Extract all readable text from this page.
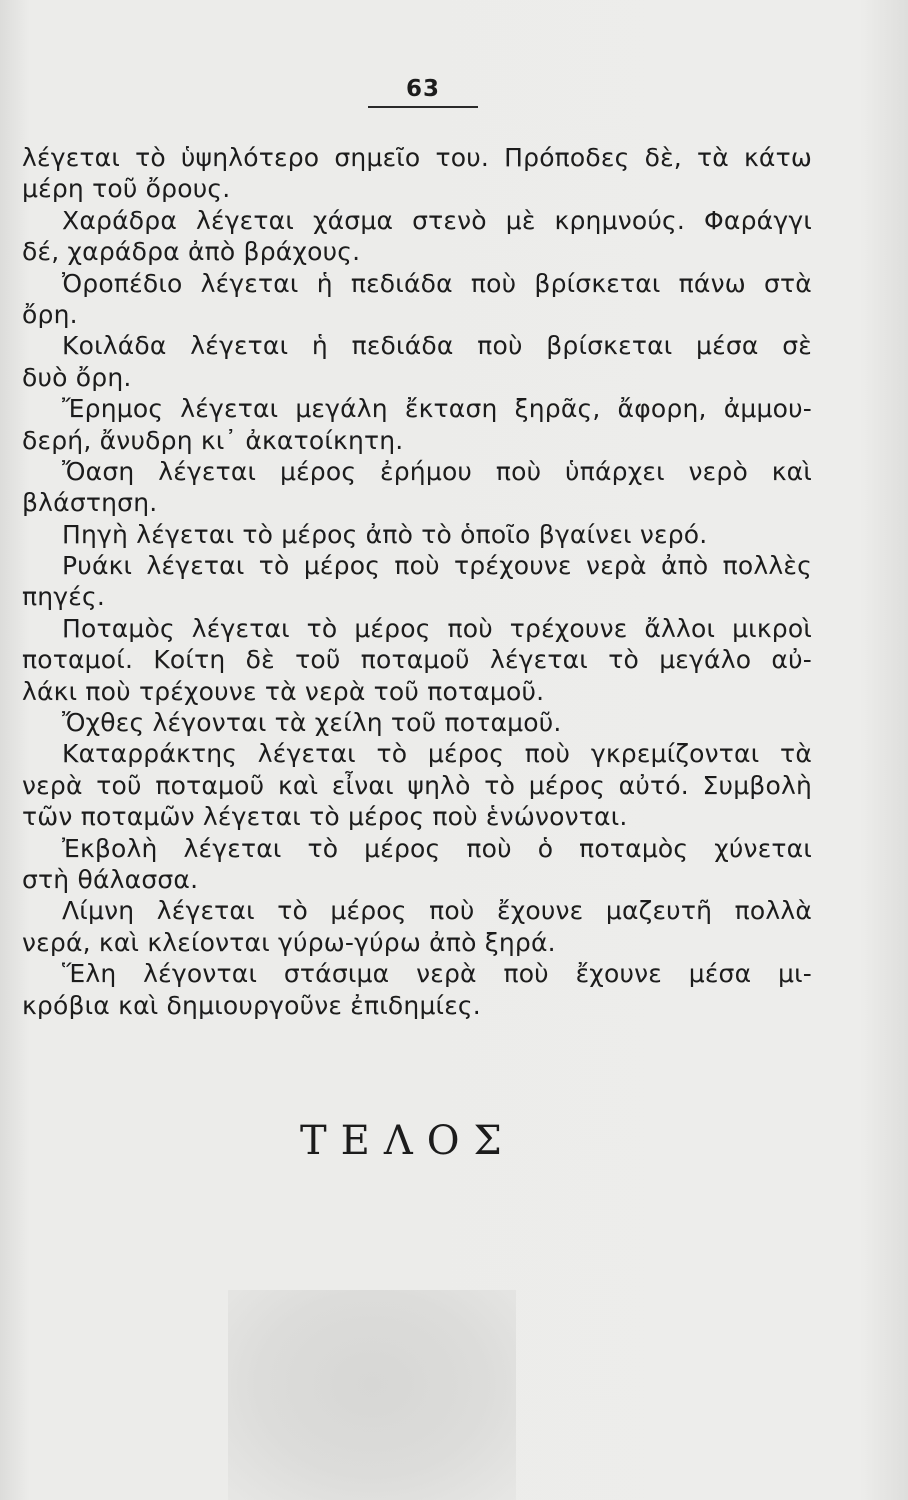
63
λέγεται τὸ ὑψηλότερο σημεῖο του. Πρόποδες δὲ, τὰ κάτω
μέρη τοῦ ὄρους.
Χαράδρα λέγεται χάσμα στενὸ μὲ κρημνούς. Φαράγγι
δέ, χαράδρα ἀπὸ βράχους.
Ὀροπέδιο λέγεται ἡ πεδιάδα ποὺ βρίσκεται πάνω στὰ
ὄρη.
Κοιλάδα λέγεται ἡ πεδιάδα ποὺ βρίσκεται μέσα σὲ
δυὸ ὄρη.
Ἔρημος λέγεται μεγάλη ἔκταση ξηρᾶς, ἄφορη, ἀμμου-
δερή, ἄνυδρη κι᾿ ἀκατοίκητη.
Ὄαση λέγεται μέρος ἐρήμου ποὺ ὑπάρχει νερὸ καὶ
βλάστηση.
Πηγὴ λέγεται τὸ μέρος ἀπὸ τὸ ὁποῖο βγαίνει νερό.
Ρυάκι λέγεται τὸ μέρος ποὺ τρέχουνε νερὰ ἀπὸ πολλὲς
πηγές.
Ποταμὸς λέγεται τὸ μέρος ποὺ τρέχουνε ἄλλοι μικροὶ
ποταμοί. Κοίτη δὲ τοῦ ποταμοῦ λέγεται τὸ μεγάλο αὐ-
λάκι ποὺ τρέχουνε τὰ νερὰ τοῦ ποταμοῦ.
Ὄχθες λέγονται τὰ χείλη τοῦ ποταμοῦ.
Καταρράκτης λέγεται τὸ μέρος ποὺ γκρεμίζονται τὰ
νερὰ τοῦ ποταμοῦ καὶ εἶναι ψηλὸ τὸ μέρος αὐτό. Συμβολὴ
τῶν ποταμῶν λέγεται τὸ μέρος ποὺ ἑνώνονται.
Ἐκβολὴ λέγεται τὸ μέρος ποὺ ὁ ποταμὸς χύνεται
στὴ θάλασσα.
Λίμνη λέγεται τὸ μέρος ποὺ ἔχουνε μαζευτῆ πολλὰ
νερά, καὶ κλείονται γύρω-γύρω ἀπὸ ξηρά.
Ἕλη λέγονται στάσιμα νερὰ ποὺ ἔχουνε μέσα μι-
κρόβια καὶ δημιουργοῦνε ἐπιδημίες.
ΤΕΛΟΣ
